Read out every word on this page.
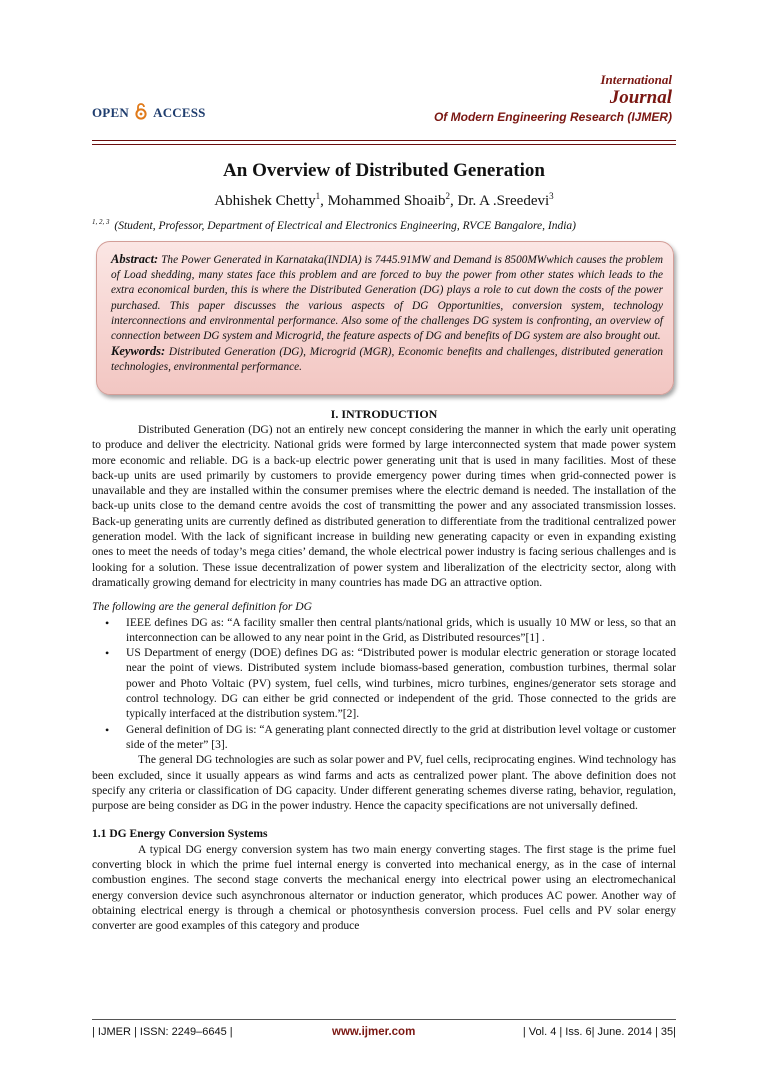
OPEN ACCESS
International
Journal
Of Modern Engineering Research (IJMER)
An Overview of Distributed Generation
Abhishek Chetty$^1$, Mohammed Shoaib$^2$, Dr. A .Sreedevi$^3$
$^{1, 2, 3}$ (Student, Professor, Department of Electrical and Electronics Engineering, RVCE Bangalore, India)
Abstract: The Power Generated in Karnataka(INDIA) is 7445.91MW and Demand is 8500MWwhich causes the problem of Load shedding, many states face this problem and are forced to buy the power from other states which leads to the extra economical burden, this is where the Distributed Generation (DG) plays a role to cut down the costs of the power purchased. This paper discusses the various aspects of DG Opportunities, conversion system, technology interconnections and environmental performance. Also some of the challenges DG system is confronting, an overview of connection between DG system and Microgrid, the feature aspects of DG and benefits of DG system are also brought out.
Keywords: Distributed Generation (DG), Microgrid (MGR), Economic benefits and challenges, distributed generation technologies, environmental performance.
I. INTRODUCTION

Distributed Generation (DG) not an entirely new concept considering the manner in which the early unit operating to produce and deliver the electricity. National grids were formed by large interconnected system that made power system more economic and reliable. DG is a back-up electric power generating unit that is used in many facilities. Most of these back-up units are used primarily by customers to provide emergency power during times when grid-connected power is unavailable and they are installed within the consumer premises where the electric demand is needed. The installation of the back-up units close to the demand centre avoids the cost of transmitting the power and any associated transmission losses. Back-up generating units are currently defined as distributed generation to differentiate from the traditional centralized power generation model. With the lack of significant increase in building new generating capacity or even in expanding existing ones to meet the needs of today’s mega cities’ demand, the whole electrical power industry is facing serious challenges and is looking for a solution. These issue decentralization of power system and liberalization of the electricity sector, along with dramatically growing demand for electricity in many countries has made DG an attractive option.

The following are the general definition for DG

• IEEE defines DG as: “A facility smaller then central plants/national grids, which is usually 10 MW or less, so that an interconnection can be allowed to any near point in the Grid, as Distributed resources”[1] .
• US Department of energy (DOE) defines DG as: “Distributed power is modular electric generation or storage located near the point of views. Distributed system include biomass-based generation, combustion turbines, thermal solar power and Photo Voltaic (PV) system, fuel cells, wind turbines, micro turbines, engines/generator sets storage and control technology. DG can either be grid connected or independent of the grid. Those connected to the grids are typically interfaced at the distribution system.”[2].
• General definition of DG is: “A generating plant connected directly to the grid at distribution level voltage or customer side of the meter” [3].

The general DG technologies are such as solar power and PV, fuel cells, reciprocating engines. Wind technology has been excluded, since it usually appears as wind farms and acts as centralized power plant. The above definition does not specify any criteria or classification of DG capacity. Under different generating schemes diverse rating, behavior, regulation, purpose are being consider as DG in the power industry. Hence the capacity specifications are not universally defined.

1.1 DG Energy Conversion Systems

A typical DG energy conversion system has two main energy converting stages. The first stage is the prime fuel converting block in which the prime fuel internal energy is converted into mechanical energy, as in the case of internal combustion engines. The second stage converts the mechanical energy into electrical power using an electromechanical energy conversion device such asynchronous alternator or induction generator, which produces AC power. Another way of obtaining electrical energy is through a chemical or photosynthesis conversion process. Fuel cells and PV solar energy converter are good examples of this category and produce

| IJMER | ISSN: 2249–6645 |	www.ijmer.com	| Vol. 4 | Iss. 6| June. 2014 | 35|
